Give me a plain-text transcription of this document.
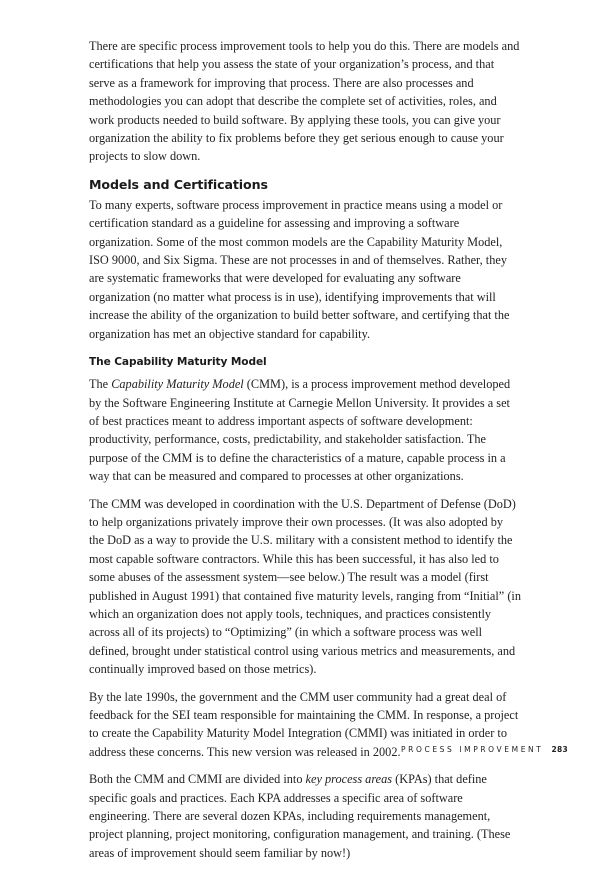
There are specific process improvement tools to help you do this. There are models and certifications that help you assess the state of your organization’s process, and that serve as a framework for improving that process. There are also processes and methodologies you can adopt that describe the complete set of activities, roles, and work products needed to build software. By applying these tools, you can give your organization the ability to fix problems before they get serious enough to cause your projects to slow down.

Models and Certifications

To many experts, software process improvement in practice means using a model or certification standard as a guideline for assessing and improving a software organization. Some of the most common models are the Capability Maturity Model, ISO 9000, and Six Sigma. These are not processes in and of themselves. Rather, they are systematic frameworks that were developed for evaluating any software organization (no matter what process is in use), identifying improvements that will increase the ability of the organization to build better software, and certifying that the organization has met an objective standard for capability.

The Capability Maturity Model

The Capability Maturity Model (CMM), is a process improvement method developed by the Software Engineering Institute at Carnegie Mellon University. It provides a set of best practices meant to address important aspects of software development: productivity, performance, costs, predictability, and stakeholder satisfaction. The purpose of the CMM is to define the characteristics of a mature, capable process in a way that can be measured and compared to processes at other organizations.

The CMM was developed in coordination with the U.S. Department of Defense (DoD) to help organizations privately improve their own processes. (It was also adopted by the DoD as a way to provide the U.S. military with a consistent method to identify the most capable software contractors. While this has been successful, it has also led to some abuses of the assessment system—see below.) The result was a model (first published in August 1991) that contained five maturity levels, ranging from “Initial” (in which an organization does not apply tools, techniques, and practices consistently across all of its projects) to “Optimizing” (in which a software process was well defined, brought under statistical control using various metrics and measurements, and continually improved based on those metrics).

By the late 1990s, the government and the CMM user community had a great deal of feedback for the SEI team responsible for maintaining the CMM. In response, a project to create the Capability Maturity Model Integration (CMMI) was initiated in order to address these concerns. This new version was released in 2002.

Both the CMM and CMMI are divided into key process areas (KPAs) that define specific goals and practices. Each KPA addresses a specific area of software engineering. There are several dozen KPAs, including requirements management, project planning, project monitoring, configuration management, and training. (These areas of improvement should seem familiar by now!)

PROCESS IMPROVEMENT 283
